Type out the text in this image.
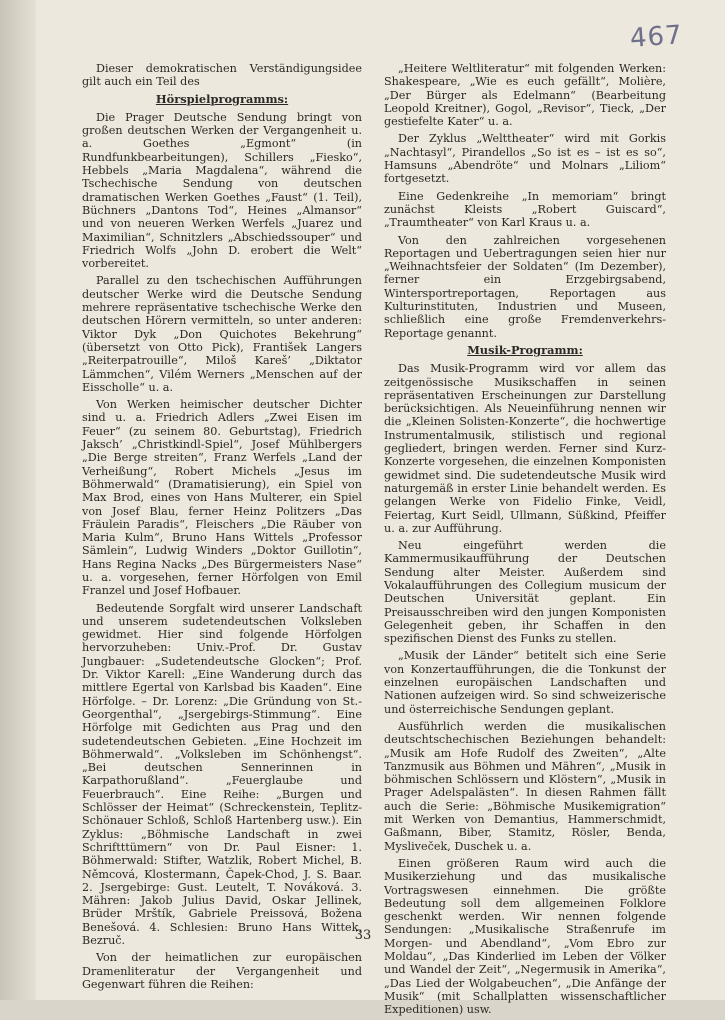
467

Dieser demokratischen Verständigungsidee gilt auch ein Teil des

Hörspielprogramms:

Die Prager Deutsche Sendung bringt von großen deutschen Werken der Vergangenheit u. a. Goethes „Egmont“ (in Rundfunkbearbeitungen), Schillers „Fiesko“, Hebbels „Maria Magdalena“, während die Tschechische Sendung von deutschen dramatischen Werken Goethes „Faust“ (1. Teil), Büchners „Dantons Tod“, Heines „Almansor“ und von neueren Werken Werfels „Juarez und Maximilian“, Schnitzlers „Abschiedssouper“ und Friedrich Wolfs „John D. erobert die Welt“ vorbereitet.

Parallel zu den tschechischen Aufführungen deutscher Werke wird die Deutsche Sendung mehrere repräsentative tschechische Werke den deutschen Hörern vermitteln, so unter anderen: Viktor Dyk „Don Quichotes Bekehrung“ (übersetzt von Otto Pick), František Langers „Reiterpatrouille“, Miloš Kareš’ „Diktator Lämmchen“, Vilém Werners „Menschen auf der Eisscholle“ u. a.

Von Werken heimischer deutscher Dichter sind u. a. Friedrich Adlers „Zwei Eisen im Feuer“ (zu seinem 80. Geburtstag), Friedrich Jaksch’ „Christkindl-Spiel“, Josef Mühlbergers „Die Berge streiten“, Franz Werfels „Land der Verheißung“, Robert Michels „Jesus im Böhmerwald“ (Dramatisierung), ein Spiel von Max Brod, eines von Hans Multerer, ein Spiel von Josef Blau, ferner Heinz Politzers „Das Fräulein Paradis“, Fleischers „Die Räuber von Maria Kulm“, Bruno Hans Wittels „Professor Sämlein“, Ludwig Winders „Doktor Guillotin“, Hans Regina Nacks „Des Bürgermeisters Nase“ u. a. vorgesehen, ferner Hörfolgen von Emil Franzel und Josef Hofbauer.

Bedeutende Sorgfalt wird unserer Landschaft und unserem sudetendeutschen Volksleben gewidmet. Hier sind folgende Hörfolgen hervorzuheben: Univ.-Prof. Dr. Gustav Jungbauer: „Sudetendeutsche Glocken“; Prof. Dr. Viktor Karell: „Eine Wanderung durch das mittlere Egertal von Karlsbad bis Kaaden“. Eine Hörfolge. – Dr. Lorenz: „Die Gründung von St.-Georgenthal“, „Jsergebirgs-Stimmung“. Eine Hörfolge mit Gedichten aus Prag und den sudetendeutschen Gebieten. „Eine Hochzeit im Böhmerwald“. „Volksleben im Schönhengst“. „Bei deutschen Sennerinnen in Karpathorußland“. „Feuerglaube und Feuerbrauch“. Eine Reihe: „Burgen und Schlösser der Heimat“ (Schreckenstein, Teplitz-Schönauer Schloß, Schloß Hartenberg usw.). Ein Zyklus: „Böhmische Landschaft in zwei Schriftttümern“ von Dr. Paul Eisner: 1. Böhmerwald: Stifter, Watzlik, Robert Michel, B. Němcová, Klostermann, Čapek-Chod, J. S. Baar. 2. Jsergebirge: Gust. Leutelt, T. Nováková. 3. Mähren: Jakob Julius David, Oskar Jellinek, Brüder Mrštík, Gabriele Preissová, Božena Benešová. 4. Schlesien: Bruno Hans Wittek, Bezruč.

Von der heimatlichen zur europäischen Dramenliteratur der Vergangenheit und Gegenwart führen die Reihen:

„Heitere Weltliteratur“ mit folgenden Werken: Shakespeare, „Wie es euch gefällt“, Molière, „Der Bürger als Edelmann“ (Bearbeitung Leopold Kreitner), Gogol, „Revisor“, Tieck, „Der gestiefelte Kater“ u. a.

Der Zyklus „Welttheater“ wird mit Gorkis „Nachtasyl“, Pirandellos „So ist es – ist es so“, Hamsuns „Abendröte“ und Molnars „Liliom“ fortgesetzt.

Eine Gedenkreihe „In memoriam“ bringt zunächst Kleists „Robert Guiscard“, „Traumtheater“ von Karl Kraus u. a.

Von den zahlreichen vorgesehenen Reportagen und Uebertragungen seien hier nur „Weihnachtsfeier der Soldaten“ (Im Dezember), ferner ein Erzgebirgsabend, Wintersportreportagen, Reportagen aus Kulturinstituten, Industrien und Museen, schließlich eine große Fremdenverkehrs-Reportage genannt.

Musik-Programm:

Das Musik-Programm wird vor allem das zeitgenössische Musikschaffen in seinen repräsentativen Erscheinungen zur Darstellung berücksichtigen. Als Neueinführung nennen wir die „Kleinen Solisten-Konzerte“, die hochwertige Instrumentalmusik, stilistisch und regional gegliedert, bringen werden. Ferner sind Kurz-Konzerte vorgesehen, die einzelnen Komponisten gewidmet sind. Die sudetendeutsche Musik wird naturgemäß in erster Linie behandelt werden. Es gelangen Werke von Fidelio Finke, Veidl, Feiertag, Kurt Seidl, Ullmann, Süßkind, Pfeiffer u. a. zur Aufführung.

Neu eingeführt werden die Kammermusikaufführung der Deutschen Sendung alter Meister. Außerdem sind Vokalaufführungen des Collegium musicum der Deutschen Universität geplant. Ein Preisausschreiben wird den jungen Komponisten Gelegenheit geben, ihr Schaffen in den spezifischen Dienst des Funks zu stellen.

„Musik der Länder“ betitelt sich eine Serie von Konzertaufführungen, die die Tonkunst der einzelnen europäischen Landschaften und Nationen aufzeigen wird. So sind schweizerische und österreichische Sendungen geplant.

Ausführlich werden die musikalischen deutschtschechischen Beziehungen behandelt: „Musik am Hofe Rudolf des Zweiten“, „Alte Tanzmusik aus Böhmen und Mähren“, „Musik in böhmischen Schlössern und Klöstern“, „Musik in Prager Adelspalästen“. In diesen Rahmen fällt auch die Serie: „Böhmische Musikemigration“ mit Werken von Demantius, Hammerschmidt, Gaßmann, Biber, Stamitz, Rösler, Benda, Mysliveček, Duschek u. a.

Einen größeren Raum wird auch die Musikerziehung und das musikalische Vortragswesen einnehmen. Die größte Bedeutung soll dem allgemeinen Folklore geschenkt werden. Wir nennen folgende Sendungen: „Musikalische Straßenrufe im Morgen- und Abendland“, „Vom Ebro zur Moldau“, „Das Kinderlied im Leben der Völker und Wandel der Zeit“, „Negermusik in Amerika“, „Das Lied der Wolgabeuchen“, „Die Anfänge der Musik“ (mit Schallplatten wissenschaftlicher Expeditionen) usw.

33
